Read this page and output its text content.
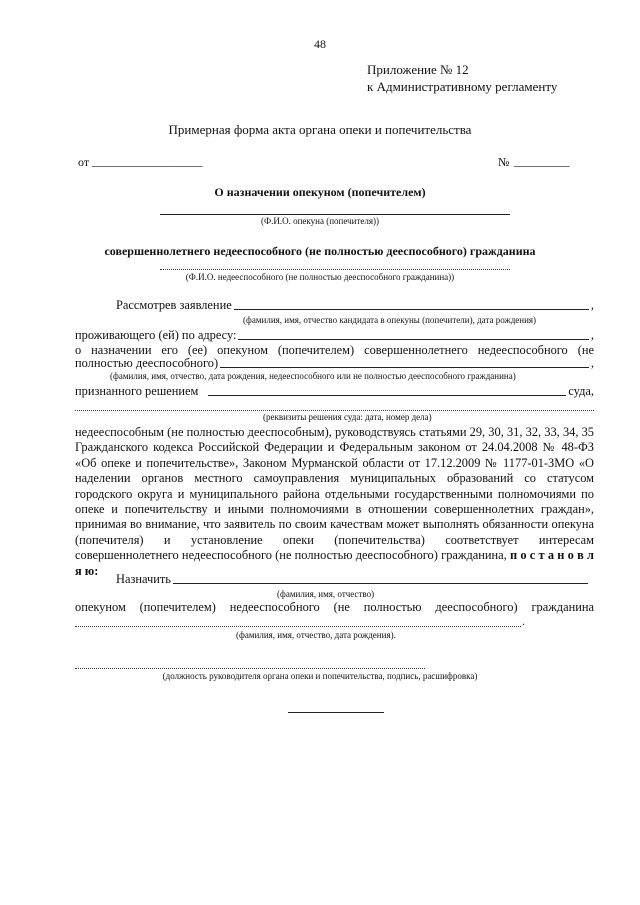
48
Приложение № 12
к Административному регламенту
Примерная форма акта органа опеки и попечительства
от ____________________	№ __________
О назначении опекуном (попечителем)
(Ф.И.О. опекуна (попечителя))
совершеннолетнего недееспособного (не полностью дееспособного) гражданина
(Ф.И.О. недееспособного (не полностью дееспособного гражданина))
Рассмотрев заявление	,
(фамилия, имя, отчество кандидата в опекуны (попечители), дата рождения)
проживающего (ей) по адресу:	,
о назначении его (ее) опекуном (попечителем) совершеннолетнего недееспособного (не
полностью дееспособного)	,
(фамилия, имя, отчество, дата рождения, недееспособного или не полностью дееспособного гражданина)
признанного решением	суда,
(реквизиты решения суда: дата, номер дела)
недееспособным (не полностью дееспособным), руководствуясь статьями 29, 30, 31, 32, 33, 34, 35 Гражданского кодекса Российской Федерации и Федеральным законом от 24.04.2008 № 48-ФЗ «Об опеке и попечительстве», Законом Мурманской области от 17.12.2009 № 1177-01-ЗМО «О наделении органов местного самоуправления муниципальных образований со статусом городского округа и муниципального района отдельными государственными полномочиями по опеке и попечительству и иными полномочиями в отношении совершеннолетних граждан», принимая во внимание, что заявитель по своим качествам может выполнять обязанности опекуна (попечителя) и установление опеки (попечительства) соответствует интересам совершеннолетнего недееспособного (не полностью дееспособного) гражданина, п о с т а н о в л я ю:
Назначить
(фамилия, имя, отчество)
опекуном (попечителем) недееспособного (не полностью дееспособного) гражданина
.
(фамилия, имя, отчество, дата рождения).
(должность руководителя органа опеки и попечительства, подпись, расшифровка)
